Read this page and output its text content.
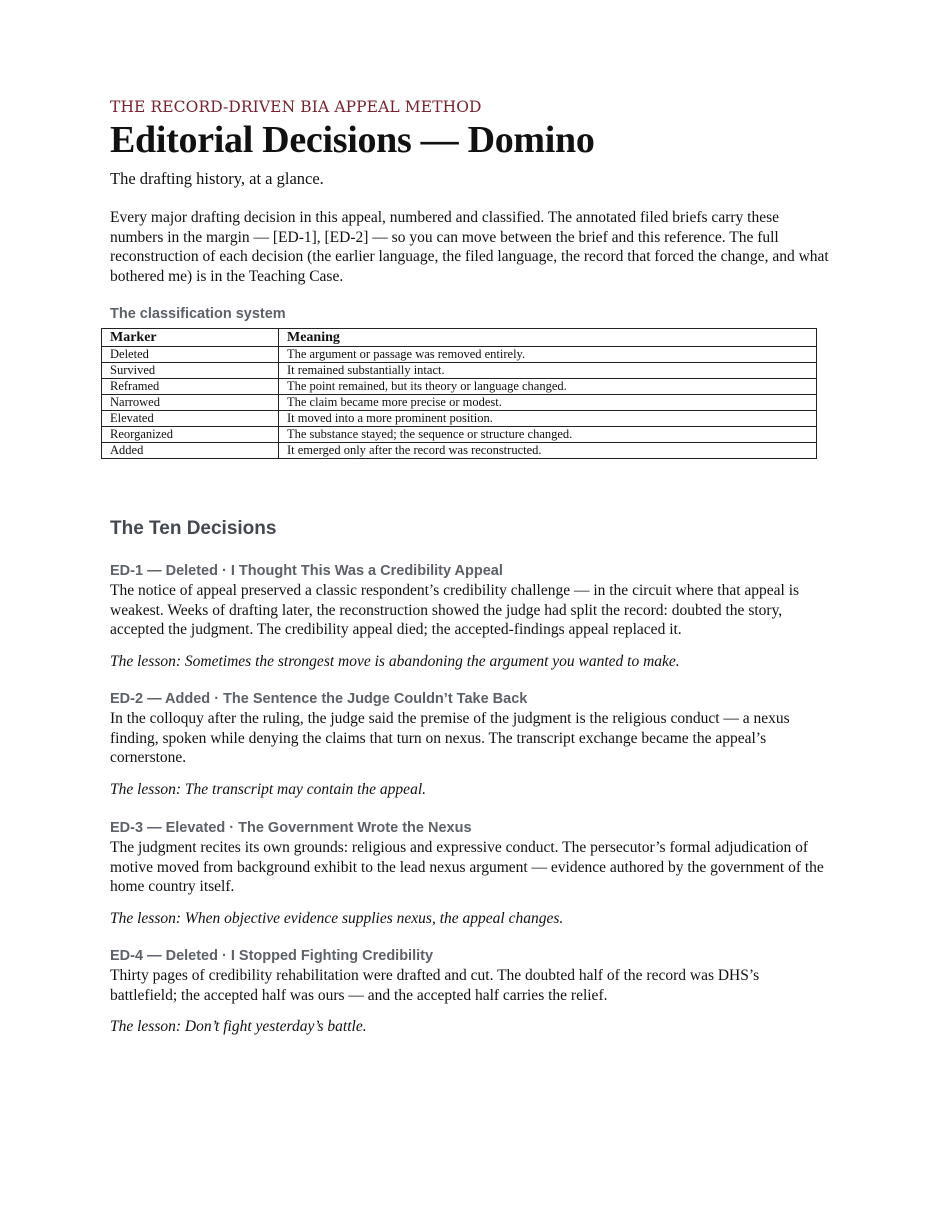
THE RECORD-DRIVEN BIA APPEAL METHOD

Editorial Decisions — Domino

The drafting history, at a glance.

Every major drafting decision in this appeal, numbered and classified. The annotated filed briefs carry these numbers in the margin — [ED-1], [ED-2] — so you can move between the brief and this reference. The full reconstruction of each decision (the earlier language, the filed language, the record that forced the change, and what bothered me) is in the Teaching Case.

The classification system

Marker	Meaning
Deleted	The argument or passage was removed entirely.
Survived	It remained substantially intact.
Reframed	The point remained, but its theory or language changed.
Narrowed	The claim became more precise or modest.
Elevated	It moved into a more prominent position.
Reorganized	The substance stayed; the sequence or structure changed.
Added	It emerged only after the record was reconstructed.
The Ten Decisions

ED-1 — Deleted · I Thought This Was a Credibility Appeal

The notice of appeal preserved a classic respondent’s credibility challenge — in the circuit where that appeal is weakest. Weeks of drafting later, the reconstruction showed the judge had split the record: doubted the story, accepted the judgment. The credibility appeal died; the accepted-findings appeal replaced it.

The lesson: Sometimes the strongest move is abandoning the argument you wanted to make.

ED-2 — Added · The Sentence the Judge Couldn’t Take Back

In the colloquy after the ruling, the judge said the premise of the judgment is the religious conduct — a nexus finding, spoken while denying the claims that turn on nexus. The transcript exchange became the appeal’s cornerstone.

The lesson: The transcript may contain the appeal.

ED-3 — Elevated · The Government Wrote the Nexus

The judgment recites its own grounds: religious and expressive conduct. The persecutor’s formal adjudication of motive moved from background exhibit to the lead nexus argument — evidence authored by the government of the home country itself.

The lesson: When objective evidence supplies nexus, the appeal changes.

ED-4 — Deleted · I Stopped Fighting Credibility

Thirty pages of credibility rehabilitation were drafted and cut. The doubted half of the record was DHS’s battlefield; the accepted half was ours — and the accepted half carries the relief.

The lesson: Don’t fight yesterday’s battle.
